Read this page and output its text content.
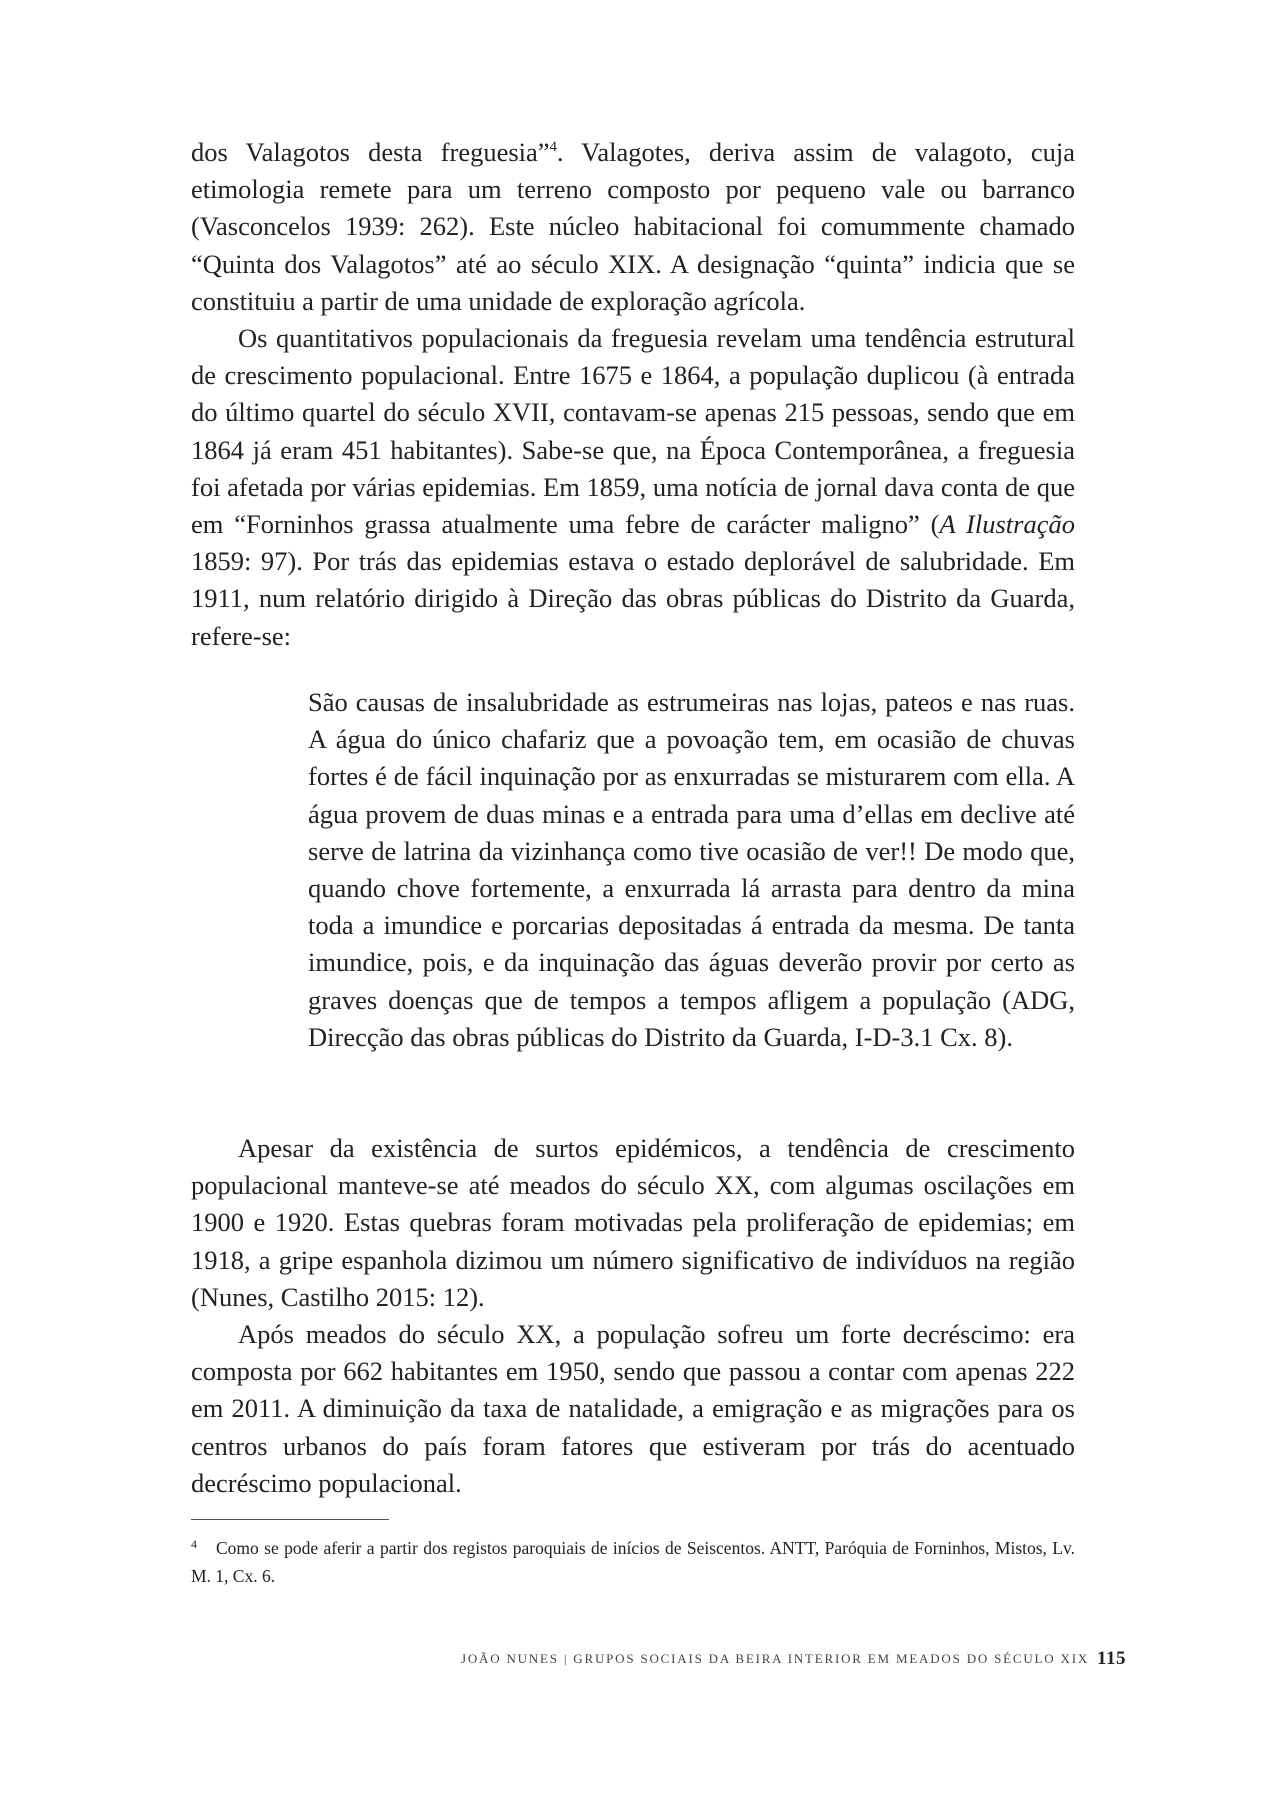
dos Valagotos desta freguesia”$^4$. Valagotes, deriva assim de valagoto, cuja etimologia remete para um terreno composto por pequeno vale ou barranco (Vasconcelos 1939: 262). Este núcleo habitacional foi comummente chamado “Quinta dos Valagotos” até ao século XIX. A designação “quinta” indicia que se constituiu a partir de uma unidade de exploração agrícola.

Os quantitativos populacionais da freguesia revelam uma tendência estrutural de crescimento populacional. Entre 1675 e 1864, a população duplicou (à entrada do último quartel do século XVII, contavam-se apenas 215 pessoas, sendo que em 1864 já eram 451 habitantes). Sabe-se que, na Época Contemporânea, a freguesia foi afetada por várias epidemias. Em 1859, uma notícia de jornal dava conta de que em “Forninhos grassa atualmente uma febre de carácter maligno” (A Ilustração 1859: 97). Por trás das epidemias estava o estado deplorável de salubridade. Em 1911, num relatório dirigido à Direção das obras públicas do Distrito da Guarda, refere-se:

São causas de insalubridade as estrumeiras nas lojas, pateos e nas ruas. A água do único chafariz que a povoação tem, em ocasião de chuvas fortes é de fácil inquinação por as enxurradas se misturarem com ella. A água provem de duas minas e a entrada para uma d’ellas em declive até serve de latrina da vizinhança como tive ocasião de ver!! De modo que, quando chove fortemente, a enxurrada lá arrasta para dentro da mina toda a imundice e porcarias depositadas á entrada da mesma. De tanta imundice, pois, e da inquinação das águas deverão provir por certo as graves doenças que de tempos a tempos afligem a população (ADG, Direcção das obras públicas do Distrito da Guarda, I-D-3.1 Cx. 8).

Apesar da existência de surtos epidémicos, a tendência de crescimento populacional manteve-se até meados do século XX, com algumas oscilações em 1900 e 1920. Estas quebras foram motivadas pela proliferação de epidemias; em 1918, a gripe espanhola dizimou um número significativo de indivíduos na região (Nunes, Castilho 2015: 12).

Após meados do século XX, a população sofreu um forte decréscimo: era composta por 662 habitantes em 1950, sendo que passou a contar com apenas 222 em 2011. A diminuição da taxa de natalidade, a emigração e as migrações para os centros urbanos do país foram fatores que estiveram por trás do acentuado decréscimo populacional.

4 Como se pode aferir a partir dos registos paroquiais de inícios de Seiscentos. ANTT, Paróquia de Forninhos, Mistos, Lv. M. 1, Cx. 6.
JOÃO NUNES | GRUPOS SOCIAIS DA BEIRA INTERIOR EM MEADOS DO SÉCULO XIX 115
